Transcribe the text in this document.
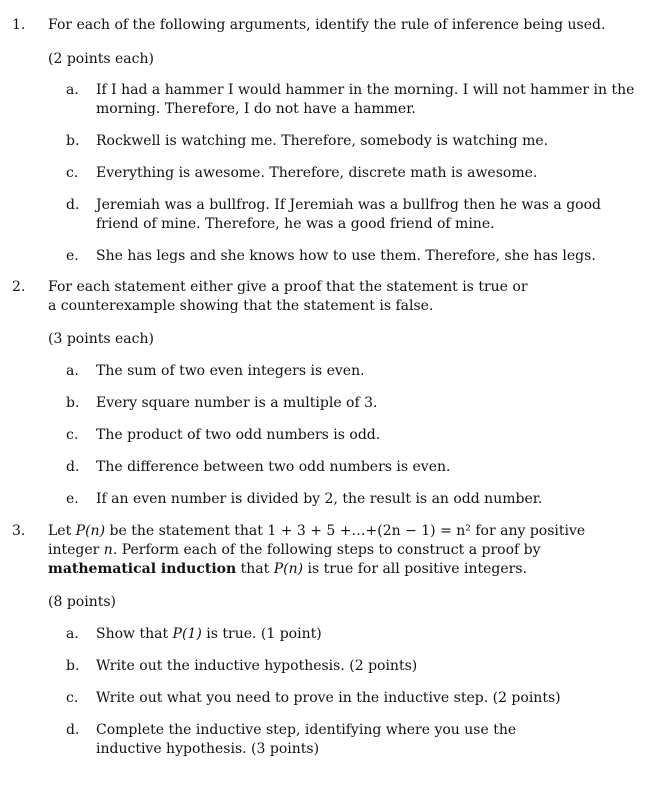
1. For each of the following arguments, identify the rule of inference being used.
(2 points each)
a. If I had a hammer I would hammer in the morning. I will not hammer in the morning. Therefore, I do not have a hammer.
b. Rockwell is watching me. Therefore, somebody is watching me.
c. Everything is awesome. Therefore, discrete math is awesome.
d. Jeremiah was a bullfrog. If Jeremiah was a bullfrog then he was a good friend of mine. Therefore, he was a good friend of mine.
e. She has legs and she knows how to use them. Therefore, she has legs.
2. For each statement either give a proof that the statement is true or a counterexample showing that the statement is false.
(3 points each)
a. The sum of two even integers is even.
b. Every square number is a multiple of 3.
c. The product of two odd numbers is odd.
d. The difference between two odd numbers is even.
e. If an even number is divided by 2, the result is an odd number.
3. Let P(n) be the statement that 1 + 3 + 5 +…+(2n − 1) = n² for any positive integer n. Perform each of the following steps to construct a proof by mathematical induction that P(n) is true for all positive integers.
(8 points)
a. Show that P(1) is true. (1 point)
b. Write out the inductive hypothesis. (2 points)
c. Write out what you need to prove in the inductive step. (2 points)
d. Complete the inductive step, identifying where you use the inductive hypothesis. (3 points)
